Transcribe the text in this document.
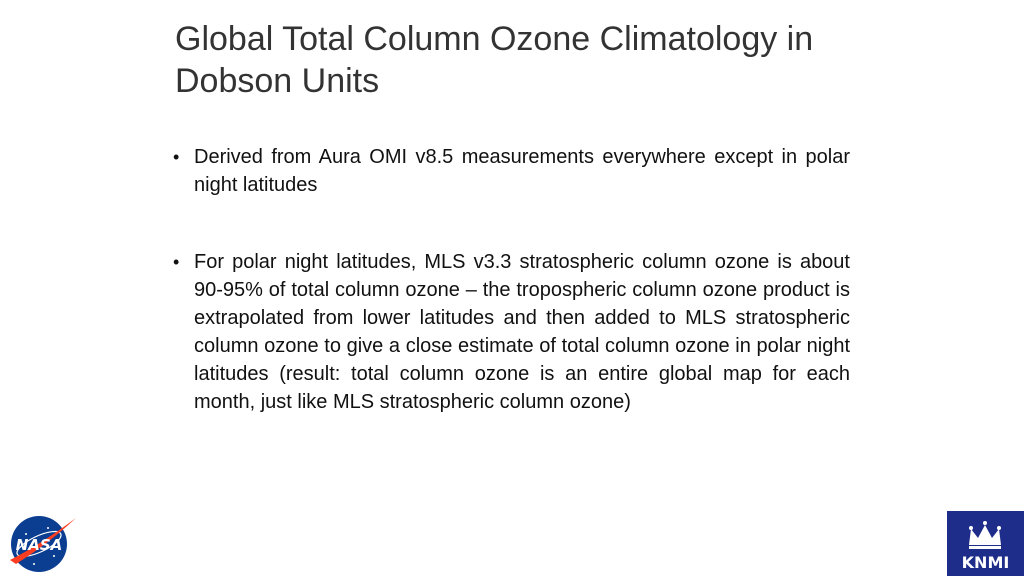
Global Total Column Ozone Climatology in Dobson Units
• Derived from Aura OMI v8.5 measurements everywhere except in polar night latitudes
• For polar night latitudes, MLS v3.3 stratospheric column ozone is about 90-95% of total column ozone – the tropospheric column ozone product is extrapolated from lower latitudes and then added to MLS stratospheric column ozone to give a close estimate of total column ozone in polar night latitudes (result: total column ozone is an entire global map for each month, just like MLS stratospheric column ozone)
NASA
KNMI
